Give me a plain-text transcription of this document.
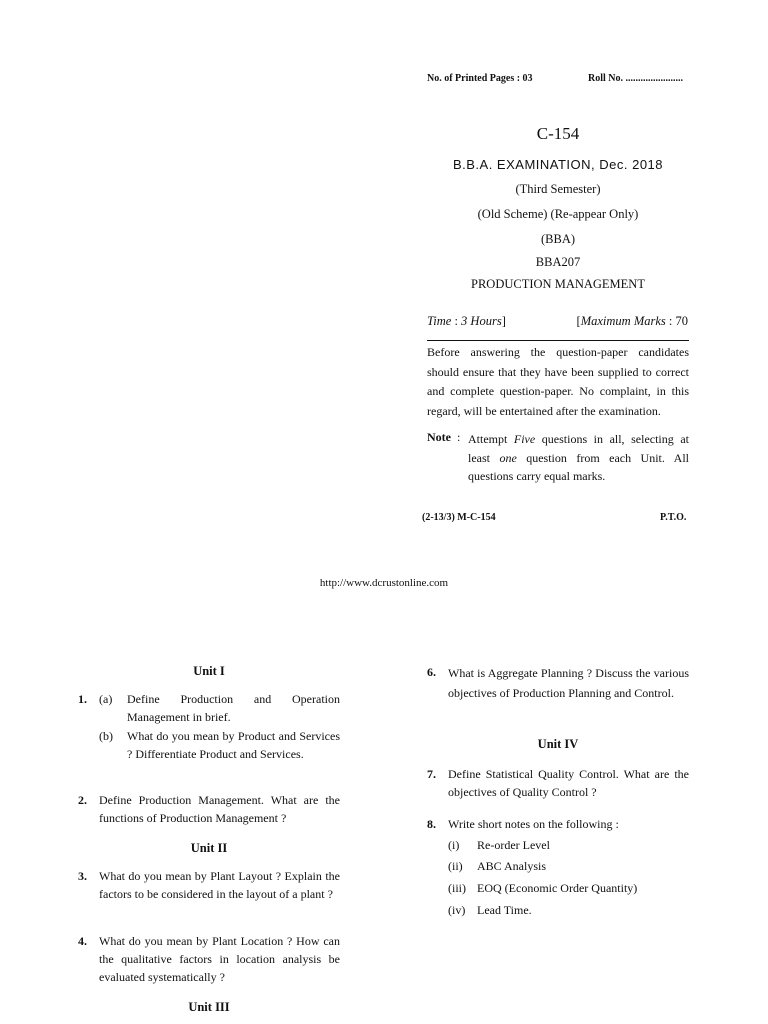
No. of Printed Pages : 03	Roll No. .......................
C-154
B.B.A. EXAMINATION, Dec. 2018
(Third Semester)
(Old Scheme) (Re-appear Only)
(BBA)
BBA207
PRODUCTION MANAGEMENT
Time : 3 Hours]	[Maximum Marks : 70
Before answering the question-paper candidates should ensure that they have been supplied to correct and complete question-paper. No complaint, in this regard, will be entertained after the examination.
Note : Attempt Five questions in all, selecting at least one question from each Unit. All questions carry equal marks.
(2-13/3) M-C-154	P.T.O.
http://www.dcrustonline.com
Unit I
1. (a) Define Production and Operation Management in brief.
(b) What do you mean by Product and Services ? Differentiate Product and Services.
2. Define Production Management. What are the functions of Production Management ?
Unit II
3. What do you mean by Plant Layout ? Explain the factors to be considered in the layout of a plant ?
4. What do you mean by Plant Location ? How can the qualitative factors in location analysis be evaluated systematically ?
Unit III
6. What is Aggregate Planning ? Discuss the various objectives of Production Planning and Control.
Unit IV
7. Define Statistical Quality Control. What are the objectives of Quality Control ?
8. Write short notes on the following :
(i) Re-order Level
(ii) ABC Analysis
(iii) EOQ (Economic Order Quantity)
(iv) Lead Time.
